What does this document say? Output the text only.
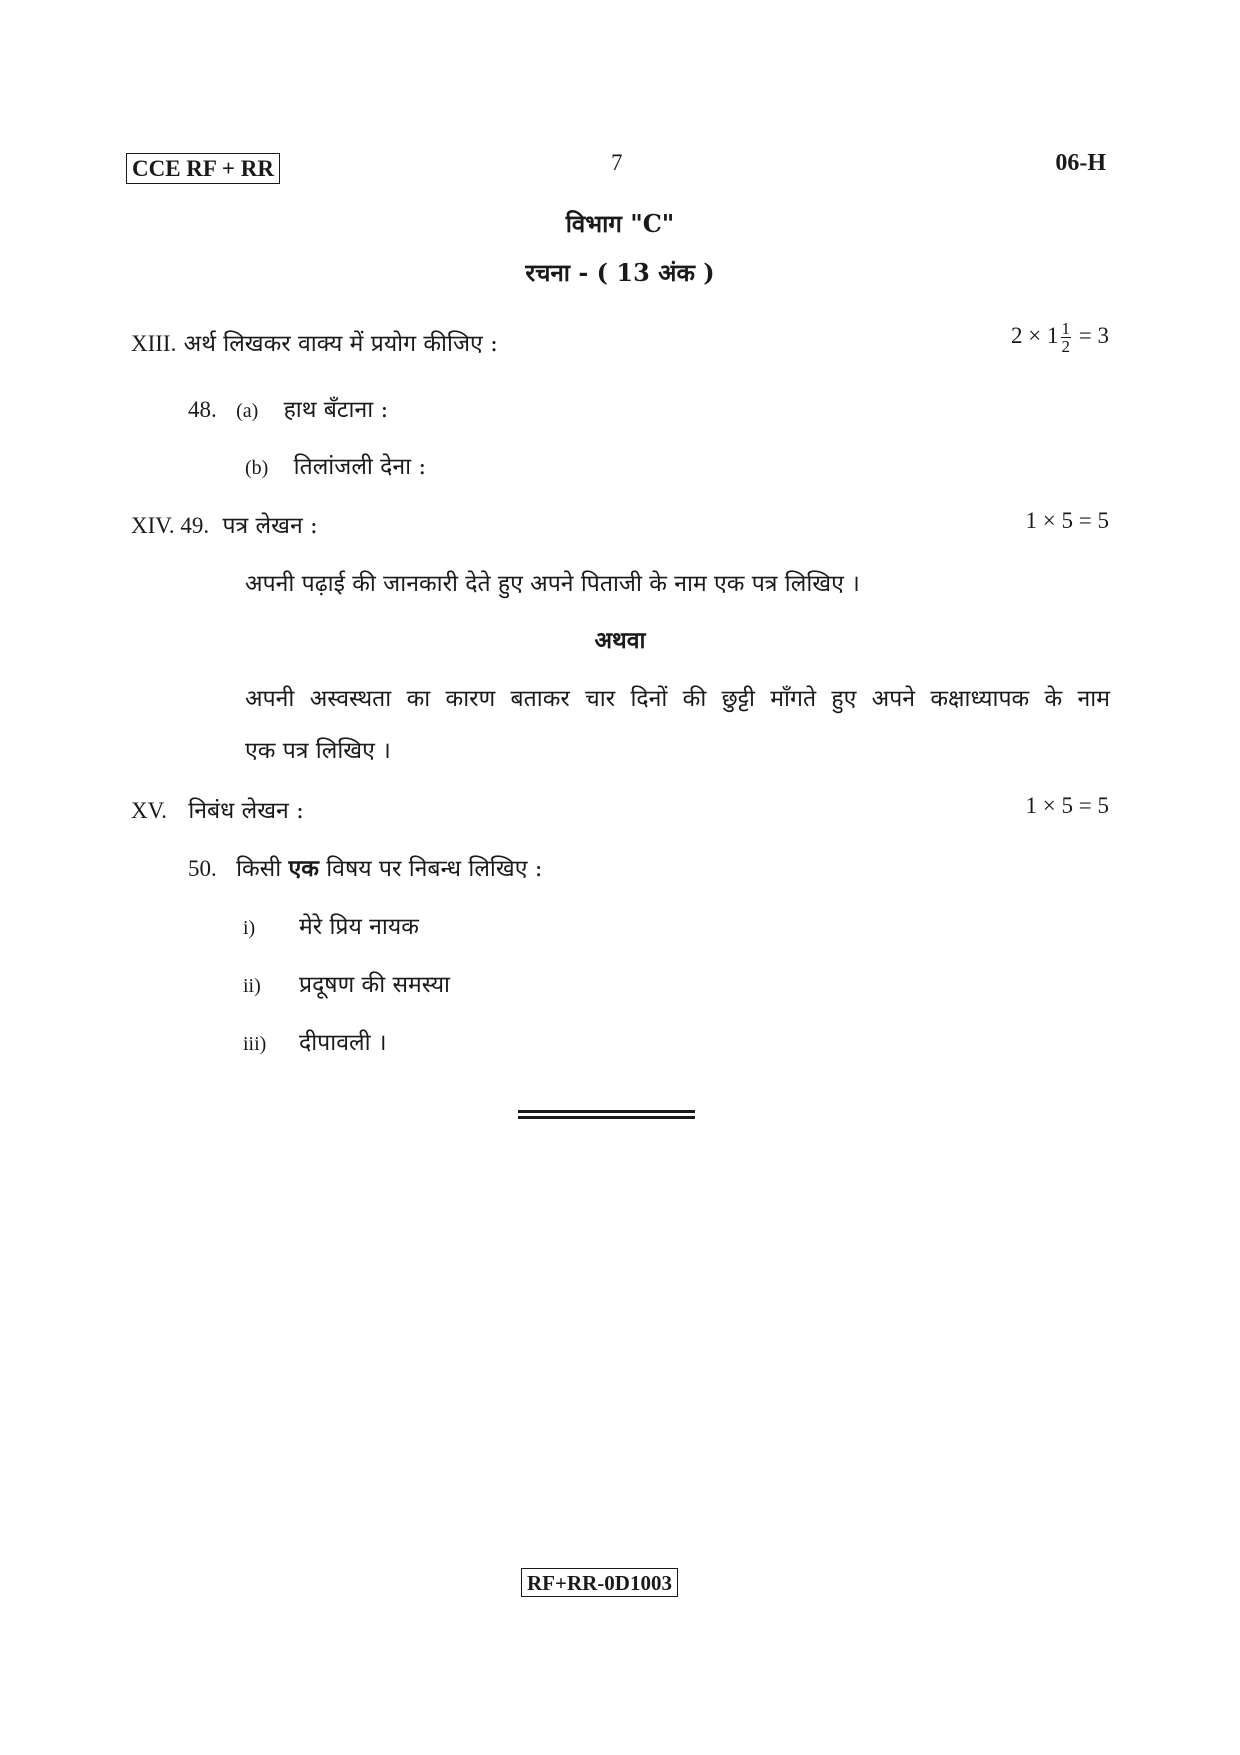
CCE RF + RR	7	06-H
विभाग "C"
रचना - ( 13 अंक )
XIII. अर्थ लिखकर वाक्य में प्रयोग कीजिए :	$2 \times 1 \frac{1}{2} = 3$
48. (a) हाथ बँटाना :
(b) तिलांजली देना :
XIV. 49. पत्र लेखन :	1 × 5 = 5
अपनी पढ़ाई की जानकारी देते हुए अपने पिताजी के नाम एक पत्र लिखिए ।
अथवा
अपनी अस्वस्थता का कारण बताकर चार दिनों की छुट्टी माँगते हुए अपने कक्षाध्यापक के नाम
एक पत्र लिखिए ।
XV. निबंध लेखन :	1 × 5 = 5
50. किसी एक विषय पर निबन्ध लिखिए :
i) मेरे प्रिय नायक
ii) प्रदूषण की समस्या
iii) दीपावली ।
RF+RR-0D1003
